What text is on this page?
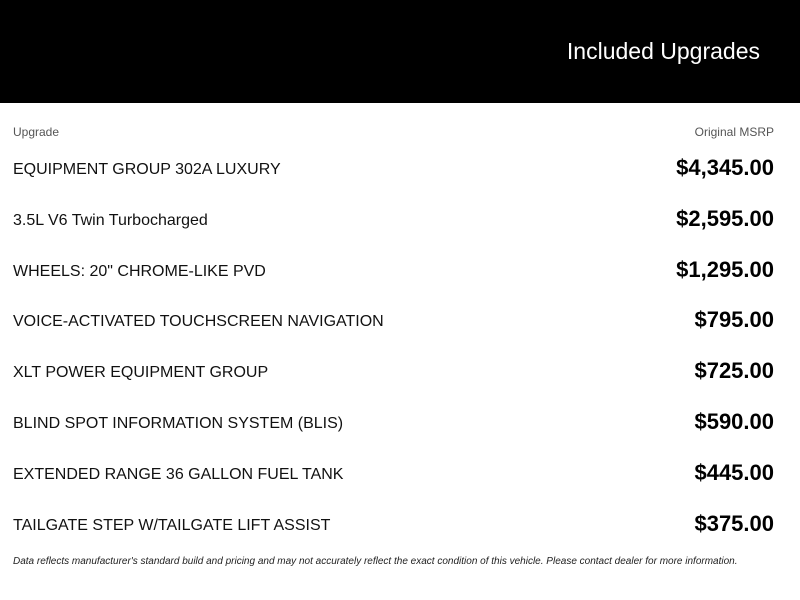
Included Upgrades
Upgrade	Original MSRP
EQUIPMENT GROUP 302A LUXURY	$4,345.00
3.5L V6 Twin Turbocharged	$2,595.00
WHEELS: 20" CHROME-LIKE PVD	$1,295.00
VOICE-ACTIVATED TOUCHSCREEN NAVIGATION	$795.00
XLT POWER EQUIPMENT GROUP	$725.00
BLIND SPOT INFORMATION SYSTEM (BLIS)	$590.00
EXTENDED RANGE 36 GALLON FUEL TANK	$445.00
TAILGATE STEP W/TAILGATE LIFT ASSIST	$375.00
Data reflects manufacturer's standard build and pricing and may not accurately reflect the exact condition of this vehicle. Please contact dealer for more information.
